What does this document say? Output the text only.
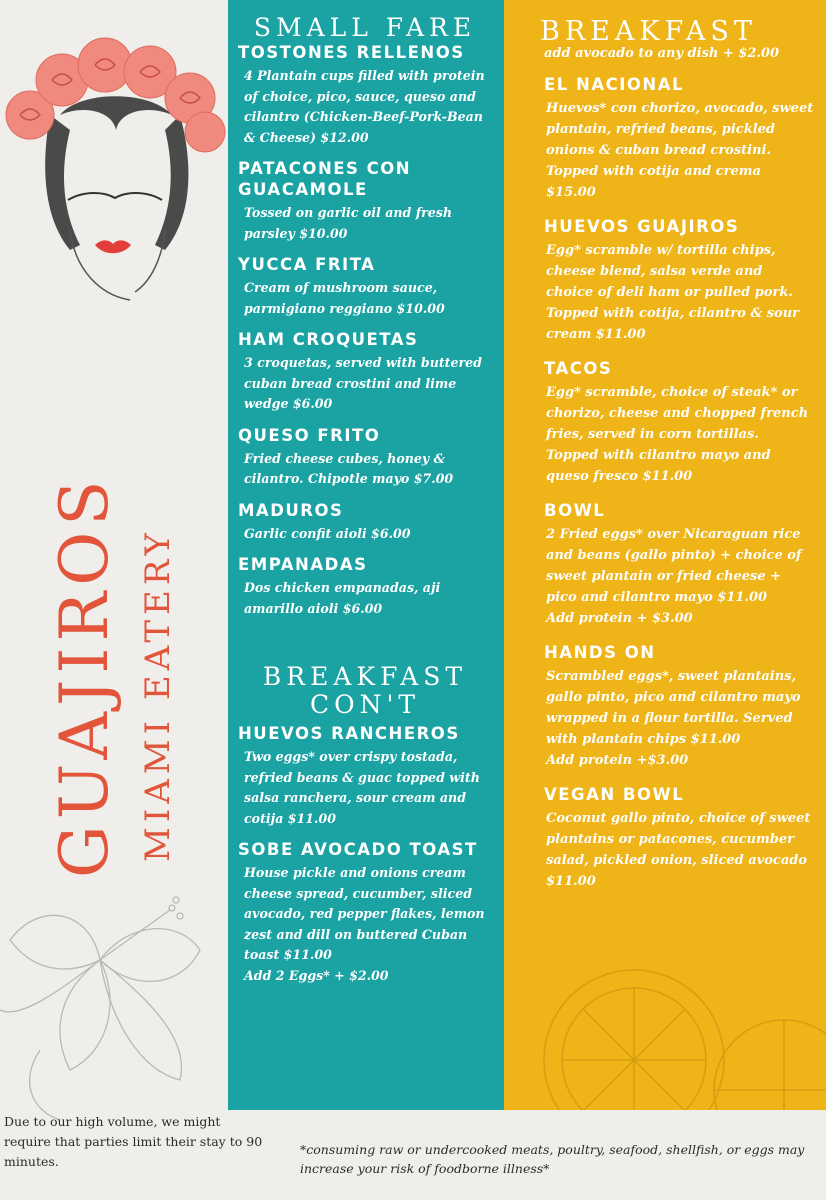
GUAJIROS MIAMI EATERY
SMALL FARE
TOSTONES RELLENOS
4 Plantain cups filled with protein of choice, pico, sauce, queso and cilantro (Chicken-Beef-Pork-Bean & Cheese) $12.00
PATACONES CON GUACAMOLE
Tossed on garlic oil and fresh parsley $10.00
YUCCA FRITA
Cream of mushroom sauce, parmigiano reggiano $10.00
HAM CROQUETAS
3 croquetas, served with buttered cuban bread crostini and lime wedge $6.00
QUESO FRITO
Fried cheese cubes, honey & cilantro. Chipotle mayo $7.00
MADUROS
Garlic confit aioli $6.00
EMPANADAS
Dos chicken empanadas, aji amarillo aioli $6.00
BREAKFAST
CON'T
HUEVOS RANCHEROS
Two eggs* over crispy tostada, refried beans & guac topped with salsa ranchera, sour cream and cotija $11.00
SOBE AVOCADO TOAST
House pickle and onions cream cheese spread, cucumber, sliced avocado, red pepper flakes, lemon zest and dill on buttered Cuban toast $11.00
Add 2 Eggs* + $2.00
BREAKFAST
add avocado to any dish + $2.00
EL NACIONAL
Huevos* con chorizo, avocado, sweet plantain, refried beans, pickled onions & cuban bread crostini. Topped with cotija and crema $15.00
HUEVOS GUAJIROS
Egg* scramble w/ tortilla chips, cheese blend, salsa verde and choice of deli ham or pulled pork. Topped with cotija, cilantro & sour cream $11.00
TACOS
Egg* scramble, choice of steak* or chorizo, cheese and chopped french fries, served in corn tortillas. Topped with cilantro mayo and queso fresco $11.00
BOWL
2 Fried eggs* over Nicaraguan rice and beans (gallo pinto) + choice of sweet plantain or fried cheese + pico and cilantro mayo $11.00
Add protein + $3.00
HANDS ON
Scrambled eggs*, sweet plantains, gallo pinto, pico and cilantro mayo wrapped in a flour tortilla. Served with plantain chips $11.00
Add protein +$3.00
VEGAN BOWL
Coconut gallo pinto, choice of sweet plantains or patacones, cucumber salad, pickled onion, sliced avocado $11.00
Due to our high volume, we might require that parties limit their stay to 90 minutes.
*consuming raw or undercooked meats, poultry, seafood, shellfish, or eggs may increase your risk of foodborne illness*
